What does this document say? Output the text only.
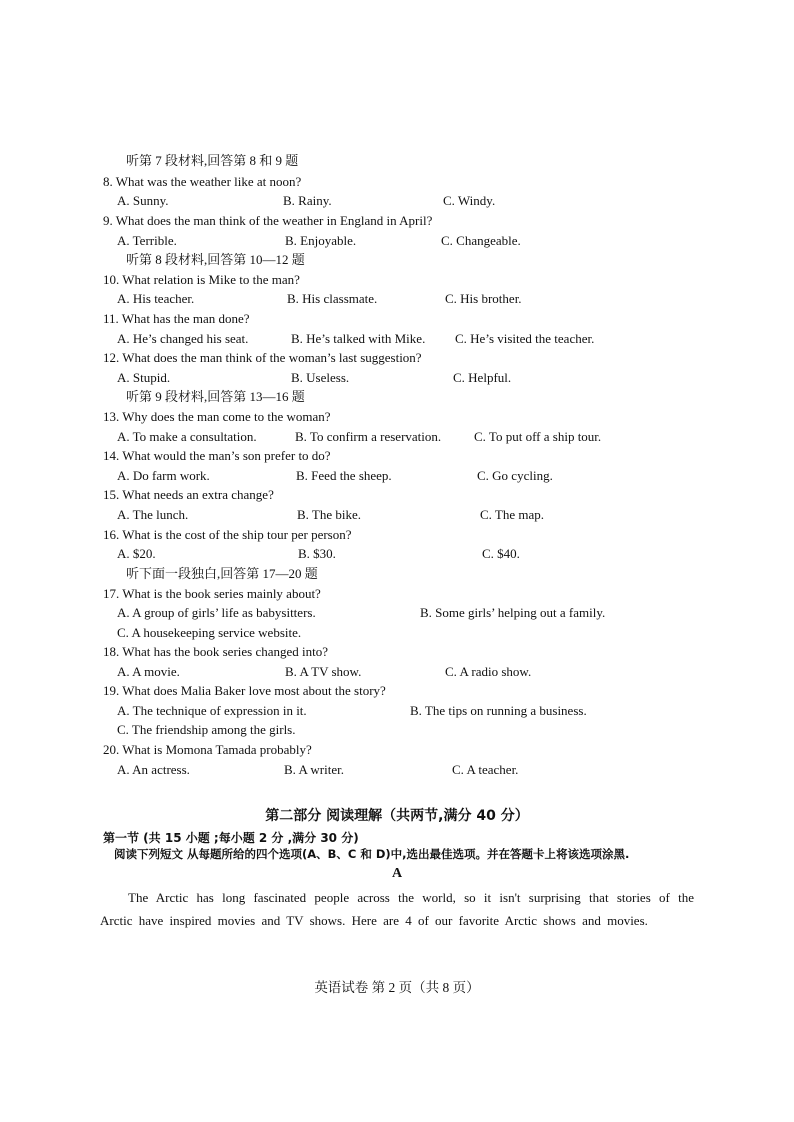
听第 7 段材料,回答第 8 和 9 题
8. What was the weather like at noon?
A. Sunny.	B. Rainy.	C. Windy.
9. What does the man think of the weather in England in April?
A. Terrible.	B. Enjoyable.	C. Changeable.
听第 8 段材料,回答第 10—12 题
10. What relation is Mike to the man?
A. His teacher.	B. His classmate.	C. His brother.
11. What has the man done?
A. He’s changed his seat.	B. He’s talked with Mike. C. He’s visited the teacher.
12. What does the man think of the woman’s last suggestion?
A. Stupid.	B. Useless.	C. Helpful.
听第 9 段材料,回答第 13—16 题
13. Why does the man come to the woman?
A. To make a consultation.	B. To confirm a reservation.	C. To put off a ship tour.
14. What would the man’s son prefer to do?
A. Do farm work.	B. Feed the sheep.	C. Go cycling.
15. What needs an extra change?
A. The lunch.	B. The bike.	C. The map.
16. What is the cost of the ship tour per person?
A. $20.	B. $30.	C. $40.
听下面一段独白,回答第 17—20 题
17. What is the book series mainly about?
A. A group of girls’ life as babysitters.	B. Some girls’ helping out a family.
C. A housekeeping service website.
18. What has the book series changed into?
A. A movie.	B. A TV show.	C. A radio show.
19. What does Malia Baker love most about the story?
A. The technique of expression in it.	B. The tips on running a business.
C. The friendship among the girls.
20. What is Momona Tamada probably?
A. An actress.	B. A writer.	C. A teacher.
第二部分 阅读理解（共两节,满分 40 分）
第一节 (共 15 小题 ;每小题 2 分 ,满分 30 分)
阅读下列短文 从每题所给的四个选项(A、B、C 和 D)中,选出最佳选项。并在答题卡上将该选项涂黑.
A
The Arctic has long fascinated people across the world, so it isn't surprising that stories of the Arctic have inspired movies and TV shows. Here are 4 of our favorite Arctic shows and movies.
英语试卷 第 2 页（共 8 页）
